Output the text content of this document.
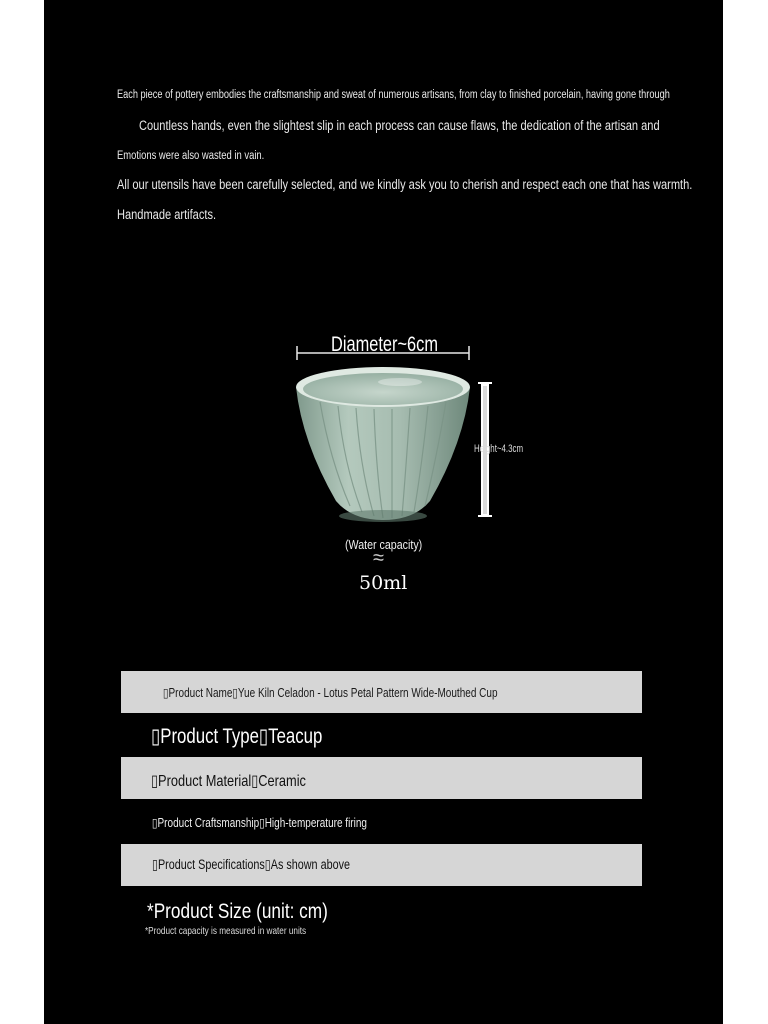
Each piece of pottery embodies the craftsmanship and sweat of numerous artisans, from clay to finished porcelain, having gone through
Countless hands, even the slightest slip in each process can cause flaws, the dedication of the artisan and
Emotions were also wasted in vain.
All our utensils have been carefully selected, and we kindly ask you to cherish and respect each one that has warmth.
Handmade artifacts.
Diameter~6cm
Height~4.3cm
(Water capacity)
≈
50ml
▯Product Name▯Yue Kiln Celadon - Lotus Petal Pattern Wide-Mouthed Cup
▯Product Type▯Teacup
▯Product Material▯Ceramic
▯Product Craftsmanship▯High-temperature firing
▯Product Specifications▯As shown above
*Product Size (unit: cm)
*Product capacity is measured in water units
